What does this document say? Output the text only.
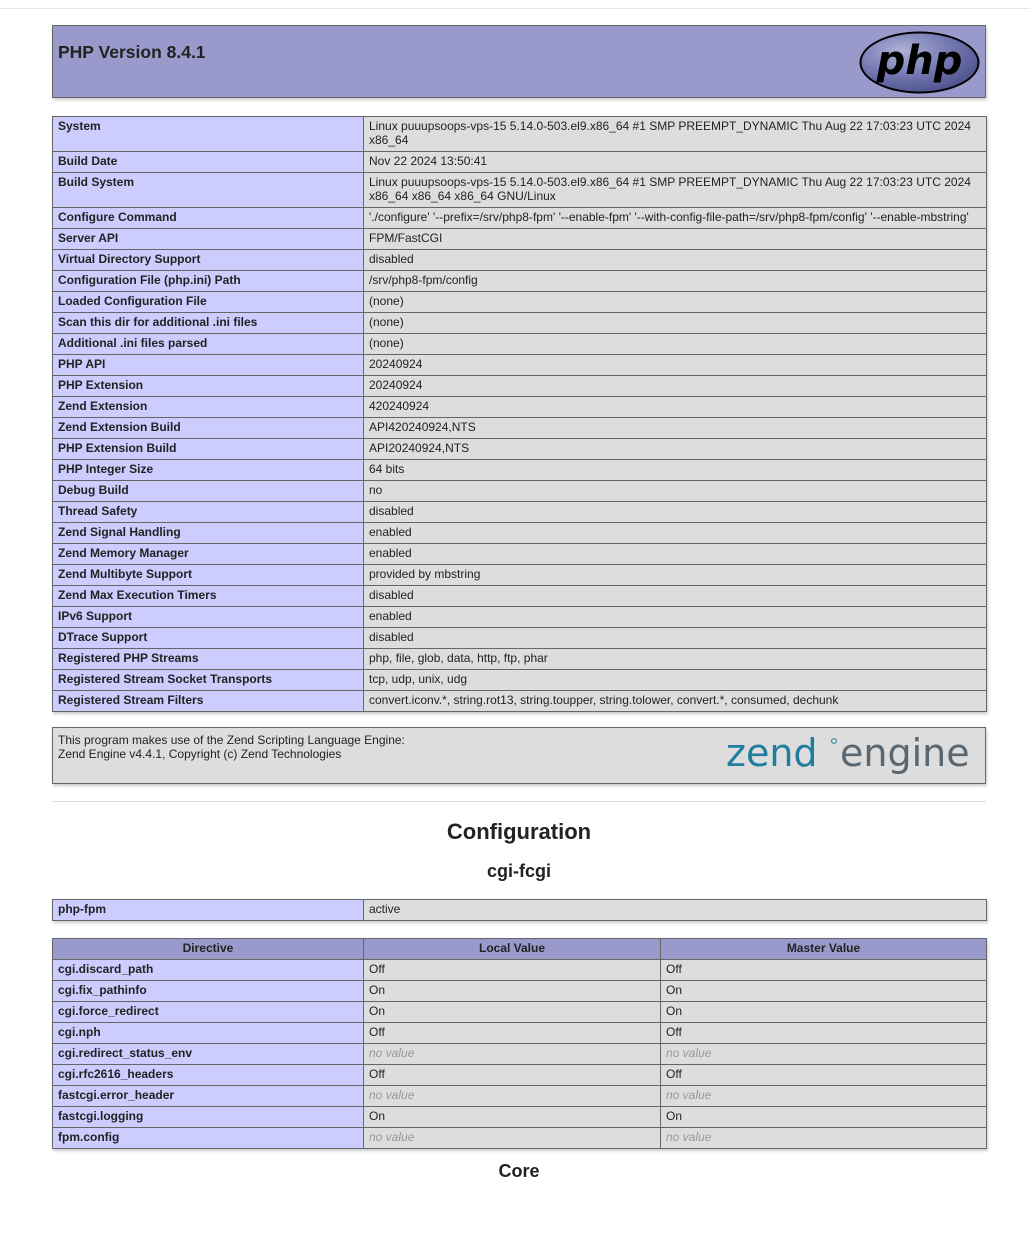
PHP Version 8.4.1	php
System	Linux puuupsoops-vps-15 5.14.0-503.el9.x86_64 #1 SMP PREEMPT_DYNAMIC Thu Aug 22 17:03:23 UTC 2024 x86_64
Build Date	Nov 22 2024 13:50:41
Build System	Linux puuupsoops-vps-15 5.14.0-503.el9.x86_64 #1 SMP PREEMPT_DYNAMIC Thu Aug 22 17:03:23 UTC 2024 x86_64 x86_64 x86_64 GNU/Linux
Configure Command	'./configure' '--prefix=/srv/php8-fpm' '--enable-fpm' '--with-config-file-path=/srv/php8-fpm/config' '--enable-mbstring'
Server API	FPM/FastCGI
Virtual Directory Support	disabled
Configuration File (php.ini) Path	/srv/php8-fpm/config
Loaded Configuration File	(none)
Scan this dir for additional .ini files	(none)
Additional .ini files parsed	(none)
PHP API	20240924
PHP Extension	20240924
Zend Extension	420240924
Zend Extension Build	API420240924,NTS
PHP Extension Build	API20240924,NTS
PHP Integer Size	64 bits
Debug Build	no
Thread Safety	disabled
Zend Signal Handling	enabled
Zend Memory Manager	enabled
Zend Multibyte Support	provided by mbstring
Zend Max Execution Timers	disabled
IPv6 Support	enabled
DTrace Support	disabled
Registered PHP Streams	php, file, glob, data, http, ftp, phar
Registered Stream Socket Transports	tcp, udp, unix, udg
Registered Stream Filters	convert.iconv.*, string.rot13, string.toupper, string.tolower, convert.*, consumed, dechunk
This program makes use of the Zend Scripting Language Engine:
Zend Engine v4.4.1, Copyright (c) Zend Technologies	zend engine
Configuration
cgi-fcgi
php-fpm	active
Directive	Local Value	Master Value
cgi.discard_path	Off	Off
cgi.fix_pathinfo	On	On
cgi.force_redirect	On	On
cgi.nph	Off	Off
cgi.redirect_status_env	no value	no value
cgi.rfc2616_headers	Off	Off
fastcgi.error_header	no value	no value
fastcgi.logging	On	On
fpm.config	no value	no value
Core
